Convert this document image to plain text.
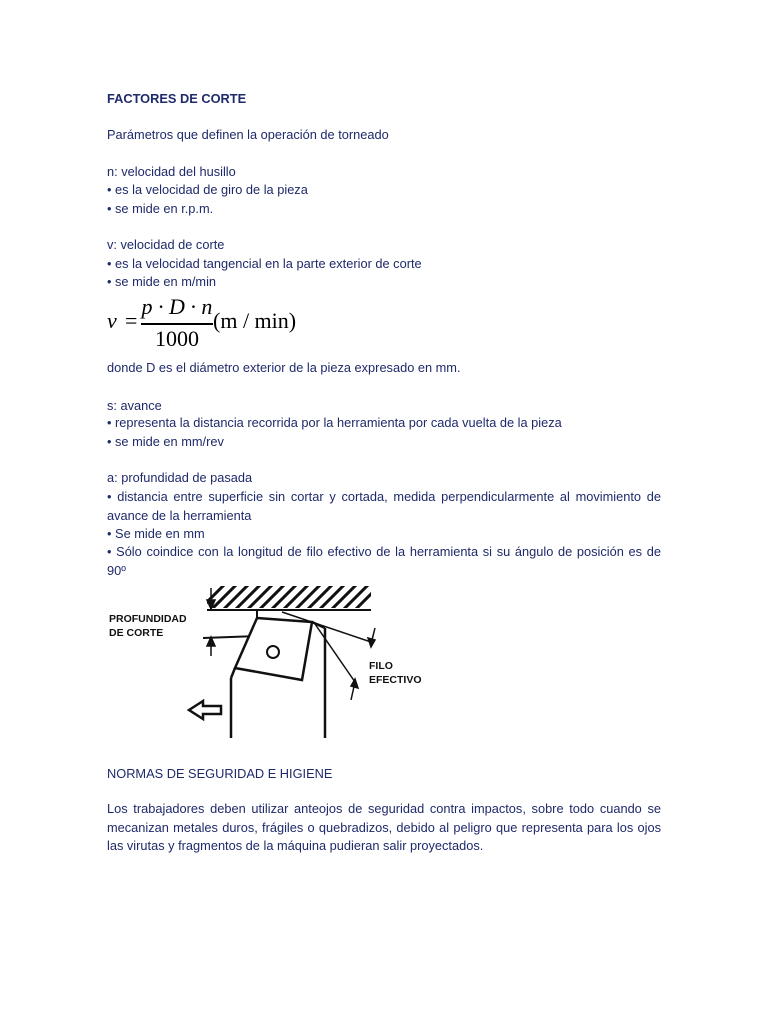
FACTORES DE CORTE
Parámetros que definen la operación de torneado
n: velocidad del husillo
• es la velocidad de giro de la pieza
• se mide en r.p.m.
v: velocidad de corte
• es la velocidad tangencial en la parte exterior de corte
• se mide en m/min
v =
p · D · n
1000
(m / min)
donde D es el diámetro exterior de la pieza expresado en mm.
s: avance
• representa la distancia recorrida por la herramienta por cada vuelta de la pieza
• se mide en mm/rev
a: profundidad de pasada
• distancia entre superficie sin cortar y cortada, medida perpendicularmente al movimiento de avance de la herramienta
• Se mide en mm
• Sólo coindice con la longitud de filo efectivo de la herramienta si su ángulo de posición es de 90º
PROFUNDIDAD
DE CORTE
FILO
EFECTIVO
NORMAS DE SEGURIDAD E HIGIENE
Los trabajadores deben utilizar anteojos de seguridad contra impactos, sobre todo cuando se mecanizan metales duros, frágiles o quebradizos, debido al peligro que representa para los ojos las virutas y fragmentos de la máquina pudieran salir proyectados.
